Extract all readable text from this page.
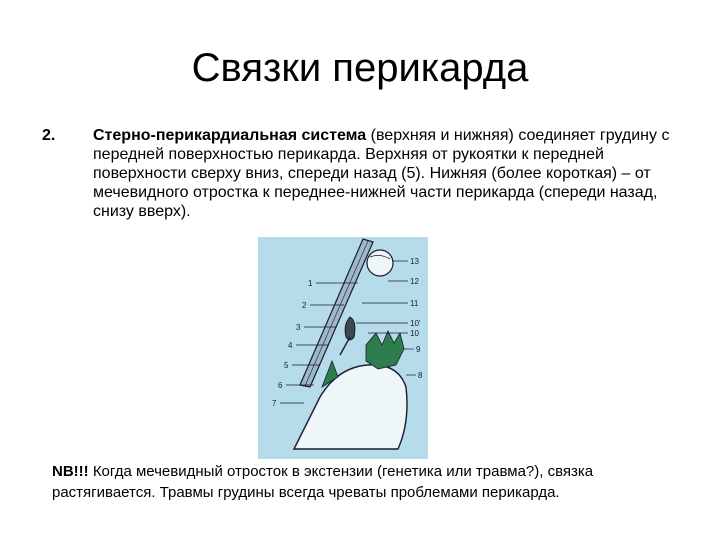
Связки перикарда
2. Стерно-перикардиальная система (верхняя и нижняя) соединяет грудину с передней поверхностью перикарда. Верхняя от рукоятки к передней поверхности сверху вниз, спереди назад (5). Нижняя (более короткая) – от мечевидного отростка к переднее-нижней части перикарда (спереди назад, снизу вверх).
1
2
3
4
5
6
7
13
12
11
10'
10
9
8
NB!!! Когда мечевидный отросток в экстензии (генетика или травма?), связка растягивается. Травмы грудины всегда чреваты проблемами перикарда.
